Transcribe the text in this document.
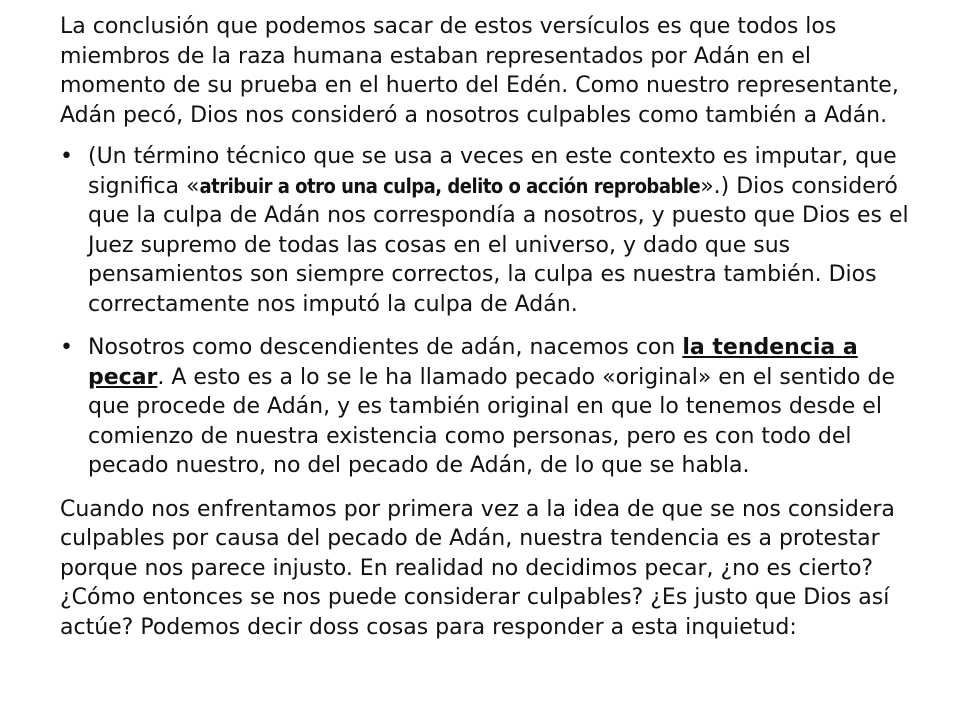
La conclusión que podemos sacar de estos versículos es que todos los miembros de la raza humana estaban representados por Adán en el momento de su prueba en el huerto del Edén. Como nuestro representante, Adán pecó, Dios nos consideró a nosotros culpables como también a Adán.

• (Un término técnico que se usa a veces en este contexto es imputar, que significa «atribuir a otro una culpa, delito o acción reprobable».) Dios consideró que la culpa de Adán nos correspondía a nosotros, y puesto que Dios es el Juez supremo de todas las cosas en el universo, y dado que sus pensamientos son siempre correctos, la culpa es nuestra también. Dios correctamente nos imputó la culpa de Adán.
• Nosotros como descendientes de adán, nacemos con la tendencia a pecar. A esto es a lo se le ha llamado pecado «original» en el sentido de que procede de Adán, y es también original en que lo tenemos desde el comienzo de nuestra existencia como personas, pero es con todo del pecado nuestro, no del pecado de Adán, de lo que se habla.

Cuando nos enfrentamos por primera vez a la idea de que se nos considera culpables por causa del pecado de Adán, nuestra tendencia es a protestar porque nos parece injusto. En realidad no decidimos pecar, ¿no es cierto? ¿Cómo entonces se nos puede considerar culpables? ¿Es justo que Dios así actúe? Podemos decir doss cosas para responder a esta inquietud:
